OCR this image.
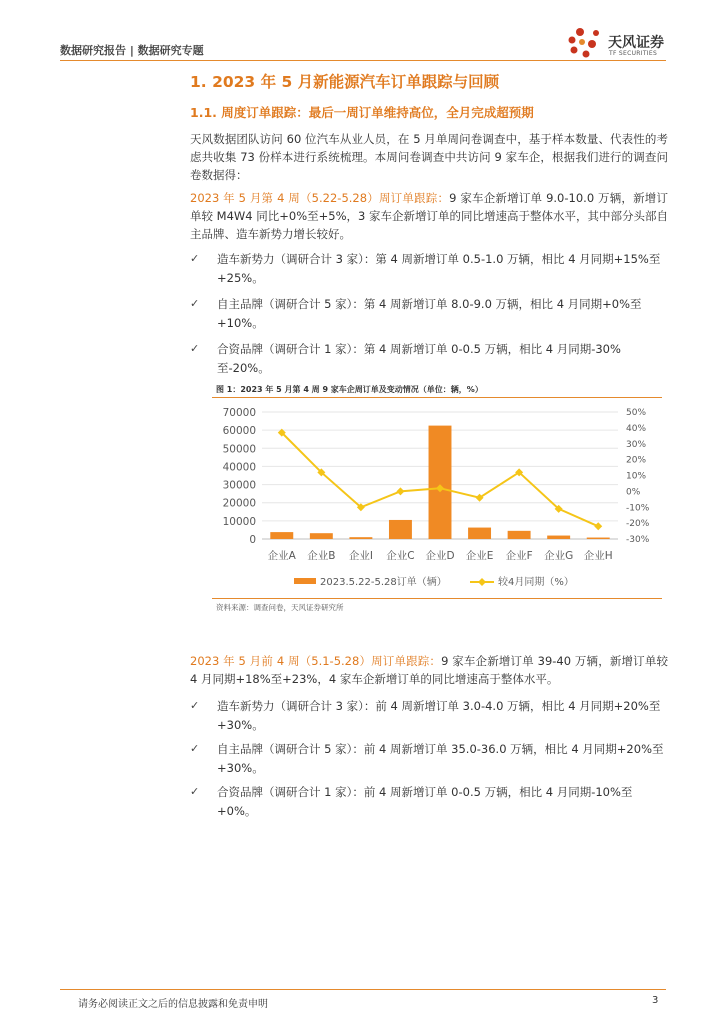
数据研究报告 | 数据研究专题	天风证券
TF SECURITIES
1. 2023 年 5 月新能源汽车订单跟踪与回顾
1.1. 周度订单跟踪：最后一周订单维持高位，全月完成超预期
天风数据团队访问 60 位汽车从业人员，在 5 月单周问卷调查中，基于样本数量、代表性的考虑共收集 73 份样本进行系统梳理。本周问卷调查中共访问 9 家车企，根据我们进行的调查问卷数据得：
2023 年 5 月第 4 周（5.22-5.28）周订单跟踪：9 家车企新增订单 9.0-10.0 万辆，新增订单较 M4W4 同比+0%至+5%，3 家车企新增订单的同比增速高于整体水平，其中部分头部自主品牌、造车新势力增长较好。
✓ 造车新势力（调研合计 3 家）：第 4 周新增订单 0.5-1.0 万辆，相比 4 月同期+15%至+25%。
✓ 自主品牌（调研合计 5 家）：第 4 周新增订单 8.0-9.0 万辆，相比 4 月同期+0%至+10%。
✓ 合资品牌（调研合计 1 家）：第 4 周新增订单 0-0.5 万辆，相比 4 月同期-30%至-20%。
图 1：2023 年 5 月第 4 周 9 家车企周订单及变动情况（单位：辆，%）
0
10000
20000
30000
40000
50000
60000
70000
-30%
-20%
-10%
0%
10%
20%
30%
40%
50%
企业A 企业B 企业I 企业C 企业D 企业E 企业F 企业G 企业H
2023.5.22-5.28订单（辆）	较4月同期（%）
资料来源：调查问卷，天风证券研究所
2023 年 5 月前 4 周（5.1-5.28）周订单跟踪：9 家车企新增订单 39-40 万辆，新增订单较 4 月同期+18%至+23%，4 家车企新增订单的同比增速高于整体水平。
✓ 造车新势力（调研合计 3 家）：前 4 周新增订单 3.0-4.0 万辆，相比 4 月同期+20%至+30%。
✓ 自主品牌（调研合计 5 家）：前 4 周新增订单 35.0-36.0 万辆，相比 4 月同期+20%至+30%。
✓ 合资品牌（调研合计 1 家）：前 4 周新增订单 0-0.5 万辆，相比 4 月同期-10%至+0%。
请务必阅读正文之后的信息披露和免责申明	3
